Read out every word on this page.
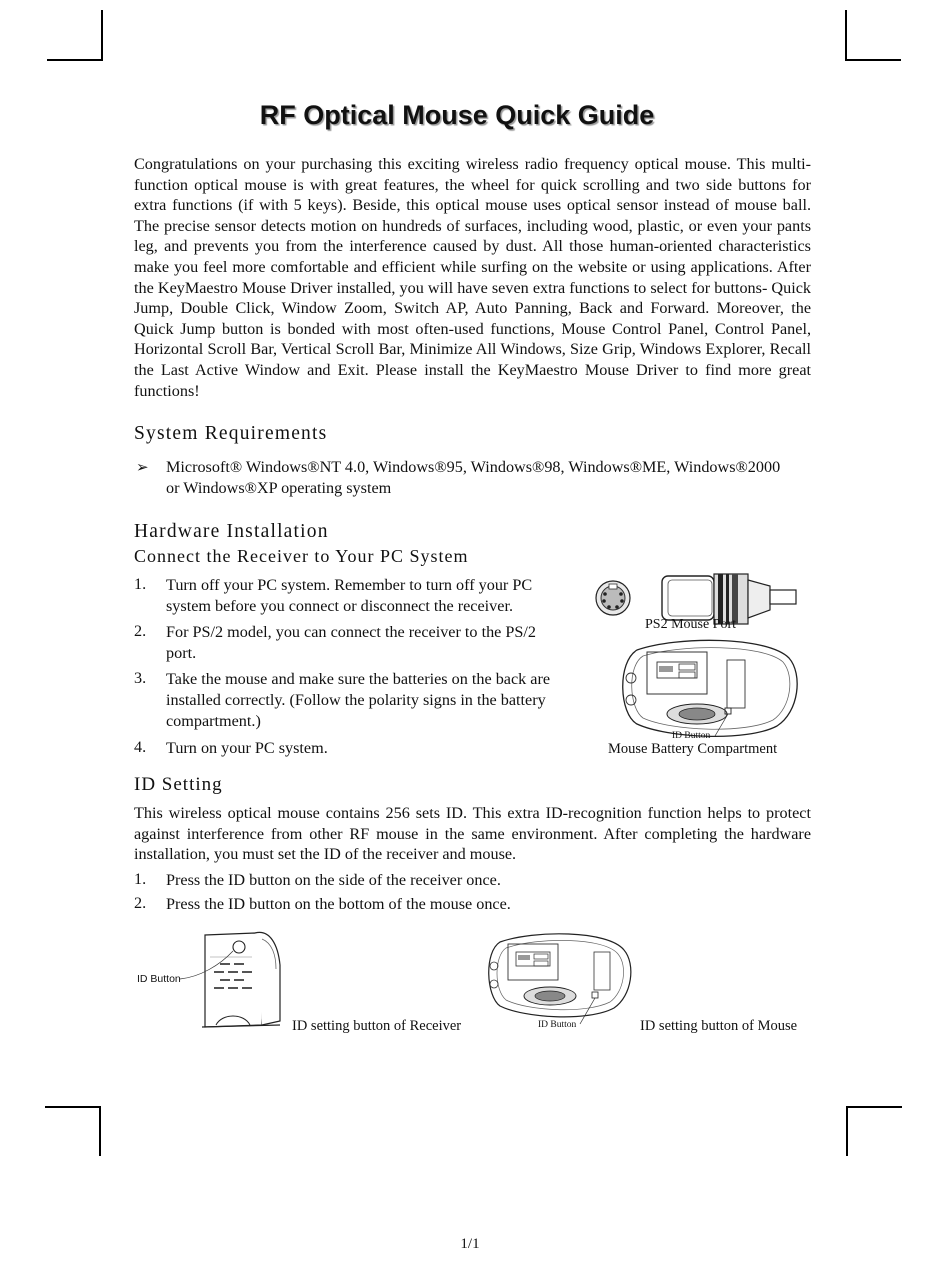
RF Optical Mouse Quick Guide
Congratulations on your purchasing this exciting wireless radio frequency optical mouse. This multi-function optical mouse is with great features, the wheel for quick scrolling and two side buttons for extra functions (if with 5 keys). Beside, this optical mouse uses optical sensor instead of mouse ball. The precise sensor detects motion on hundreds of surfaces, including wood, plastic, or even your pants leg, and prevents you from the interference caused by dust. All those human-oriented characteristics make you feel more comfortable and efficient while surfing on the website or using applications. After the KeyMaestro Mouse Driver installed, you will have seven extra functions to select for buttons- Quick Jump, Double Click, Window Zoom, Switch AP, Auto Panning, Back and Forward. Moreover, the Quick Jump button is bonded with most often-used functions, Mouse Control Panel, Control Panel, Horizontal Scroll Bar, Vertical Scroll Bar, Minimize All Windows, Size Grip, Windows Explorer, Recall the Last Active Window and Exit. Please install the KeyMaestro Mouse Driver to find more great functions!
System Requirements
➢ Microsoft® Windows®NT 4.0, Windows®95, Windows®98, Windows®ME, Windows®2000 or Windows®XP operating system
Hardware Installation
Connect the Receiver to Your PC System
1. Turn off your PC system. Remember to turn off your PC
system before you connect or disconnect the receiver.
2. For PS/2 model, you can connect the receiver to the PS/2
port.
3. Take the mouse and make sure the batteries on the back are
installed correctly. (Follow the polarity signs in the battery
compartment.)
4. Turn on your PC system.
PS2 Mouse Port
ID Button
Mouse Battery Compartment
ID Setting
This wireless optical mouse contains 256 sets ID. This extra ID-recognition function helps to protect against interference from other RF mouse in the same environment. After completing the hardware installation, you must set the ID of the receiver and mouse.
1. Press the ID button on the side of the receiver once.
2. Press the ID button on the bottom of the mouse once.
ID Button
ID setting button of Receiver	ID Button	ID setting button of Mouse
1/1
